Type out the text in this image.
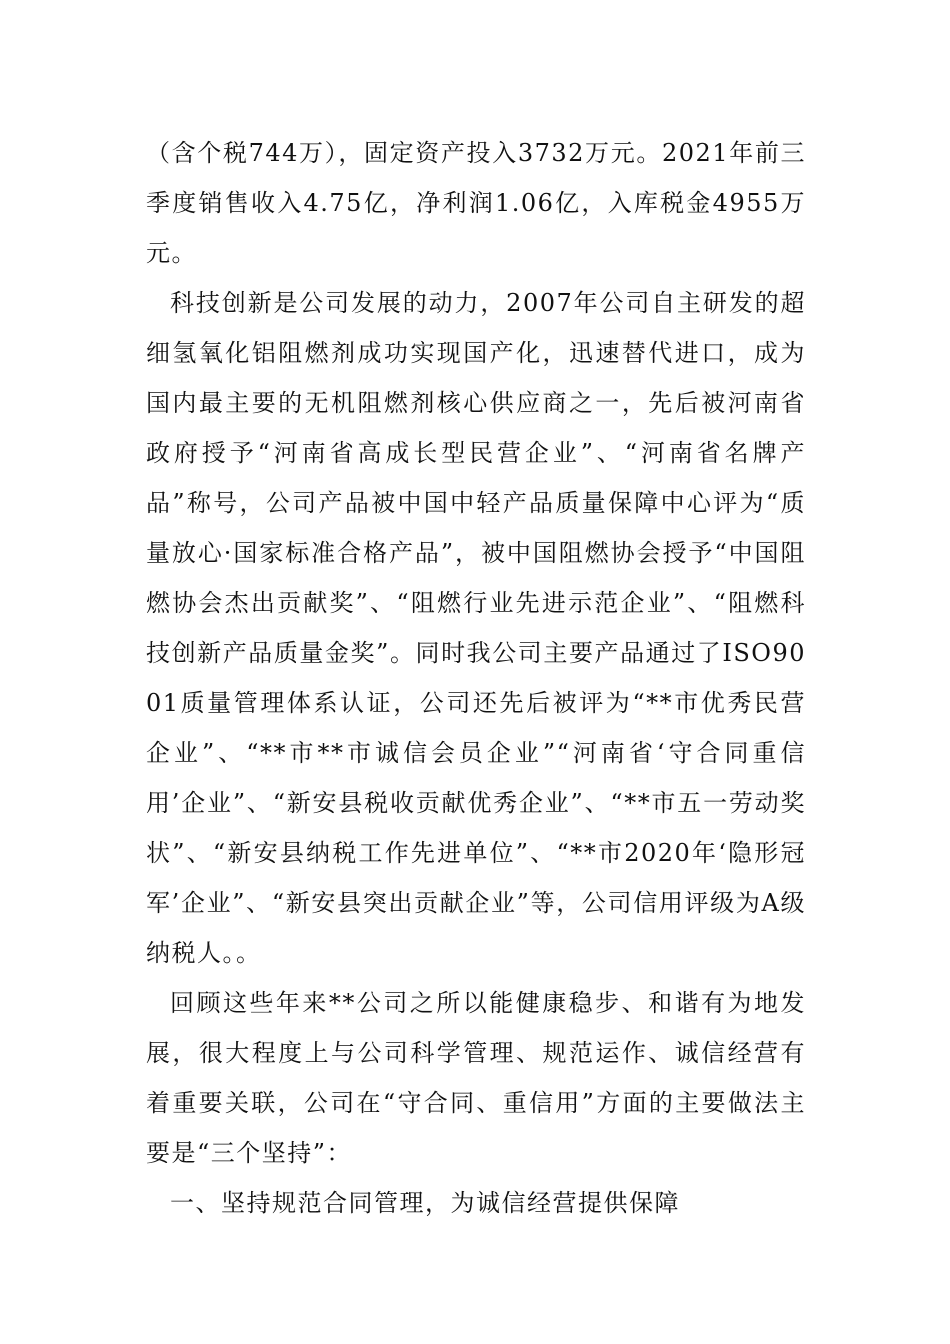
（含个税744万），固定资产投入3732万元。2021年前三季度销售收入4.75亿，净利润1.06亿，入库税金4955万元。

科技创新是公司发展的动力，2007年公司自主研发的超细氢氧化铝阻燃剂成功实现国产化，迅速替代进口，成为国内最主要的无机阻燃剂核心供应商之一，先后被河南省政府授予“河南省高成长型民营企业”、“河南省名牌产品”称号，公司产品被中国中轻产品质量保障中心评为“质量放心·国家标准合格产品”，被中国阻燃协会授予“中国阻燃协会杰出贡献奖”、“阻燃行业先进示范企业”、“阻燃科技创新产品质量金奖”。同时我公司主要产品通过了ISO9001质量管理体系认证，公司还先后被评为“**市优秀民营企业”、“**市**市诚信会员企业”“河南省‘守合同重信用’企业”、“新安县税收贡献优秀企业”、“**市五一劳动奖状”、“新安县纳税工作先进单位”、“**市2020年‘隐形冠军’企业”、“新安县突出贡献企业”等，公司信用评级为A级纳税人。。

回顾这些年来**公司之所以能健康稳步、和谐有为地发展，很大程度上与公司科学管理、规范运作、诚信经营有着重要关联，公司在“守合同、重信用”方面的主要做法主要是“三个坚持”：

一、坚持规范合同管理，为诚信经营提供保障
